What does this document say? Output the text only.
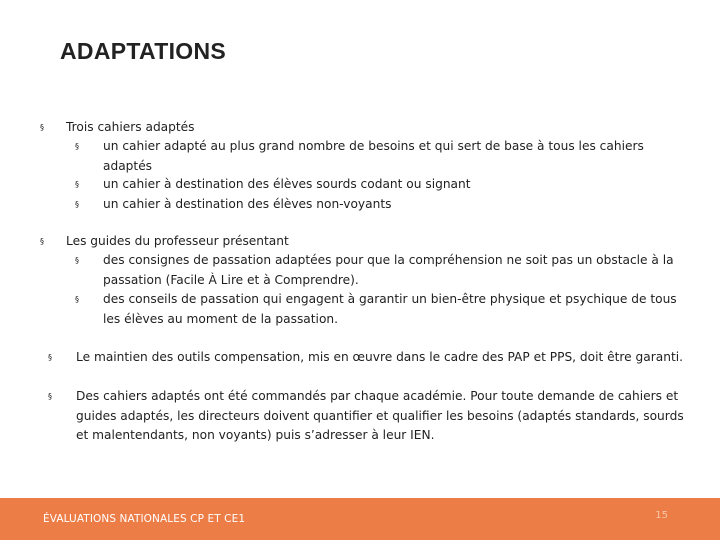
ADAPTATIONS
§	Trois cahiers adaptés
§	un cahier adapté au plus grand nombre de besoins et qui sert de base à tous les cahiers adaptés
§	un cahier à destination des élèves sourds codant ou signant
§	un cahier à destination des élèves non-voyants
§	Les guides du professeur présentant
§	des consignes de passation adaptées pour que la compréhension ne soit pas un obstacle à la passation (Facile À Lire et à Comprendre).
§	des conseils de passation qui engagent à garantir un bien-être physique et psychique de tous les élèves au moment de la passation.
§	Le maintien des outils compensation, mis en œuvre dans le cadre des PAP et PPS, doit être garanti.
§	Des cahiers adaptés ont été commandés par chaque académie. Pour toute demande de cahiers et guides adaptés, les directeurs doivent quantifier et qualifier les besoins (adaptés standards, sourds et malentendants, non voyants) puis s’adresser à leur IEN.
ÉVALUATIONS NATIONALES CP ET CE1	15
